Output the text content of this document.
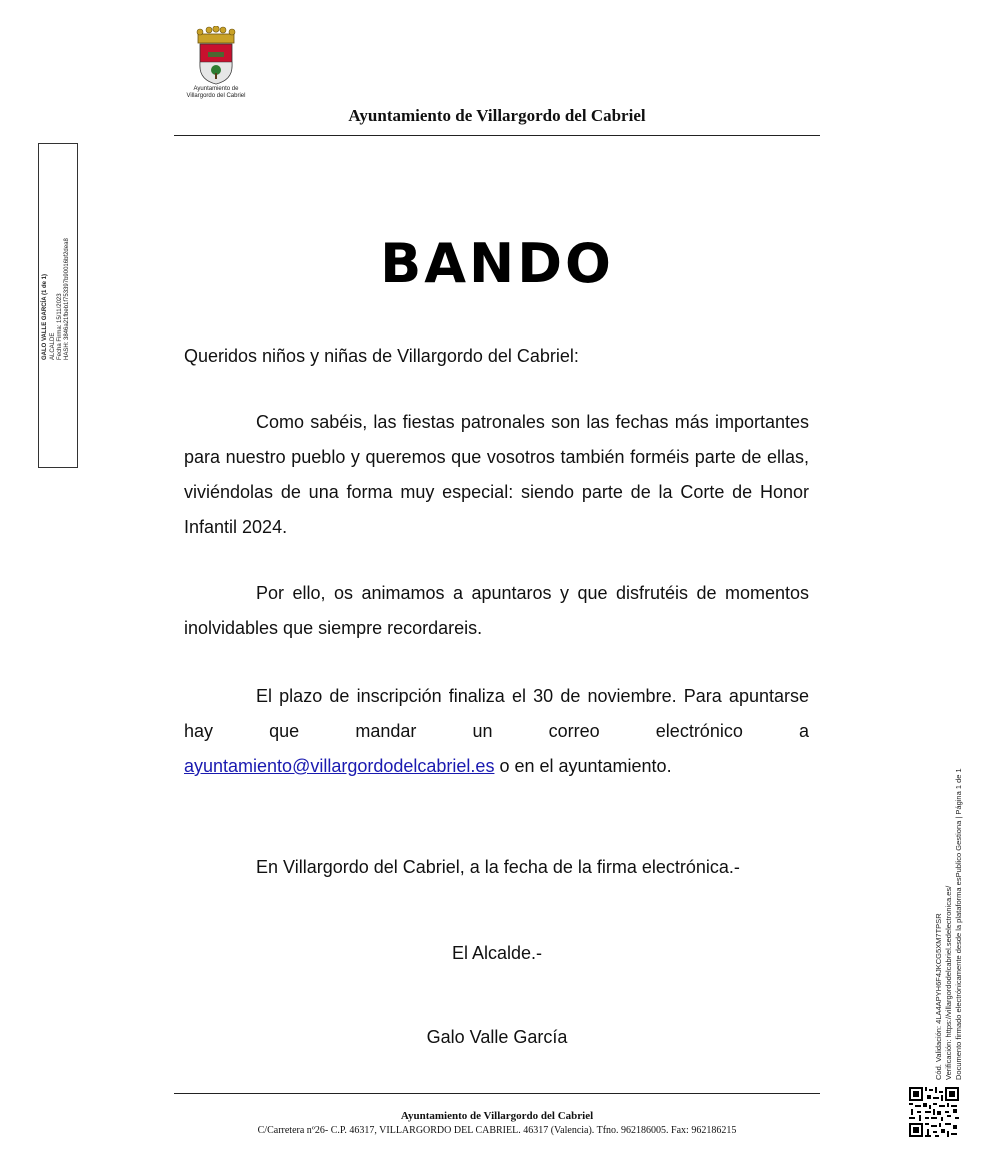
Ayuntamiento de
Villargordo del Cabriel
Ayuntamiento de Villargordo del Cabriel
GALO VALLE GARCÍA (1 de 1) ALCALDE Fecha Firma: 15/11/2023 HASH: 3846a21fbeb1f753397b90016bf2dea8	BANDO
Queridos niños y niñas de Villargordo del Cabriel:
Como sabéis, las fiestas patronales son las fechas más importantes para nuestro pueblo y queremos que vosotros también forméis parte de ellas, viviéndolas de una forma muy especial: siendo parte de la Corte de Honor Infantil 2024.
Por ello, os animamos a apuntaros y que disfrutéis de momentos inolvidables que siempre recordareis.
El plazo de inscripción finaliza el 30 de noviembre. Para apuntarse hay que mandar un correo electrónico a ayuntamiento@villargordodelcabriel.es o en el ayuntamiento.
En Villargordo del Cabriel, a la fecha de la firma electrónica.-
El Alcalde.-
Galo Valle García
Ayuntamiento de Villargordo del Cabriel
C/Carretera nº26- C.P. 46317, VILLARGORDO DEL CABRIEL. 46317 (Valencia). Tfno. 962186005. Fax: 962186215
Cód. Validación: 4LA4APYH6F4JKCG5XM7TPSR Verificación: https://villargordodelcabriel.sedelectronica.es/ Documento firmado electrónicamente desde la plataforma esPublico Gestiona | Página 1 de 1
